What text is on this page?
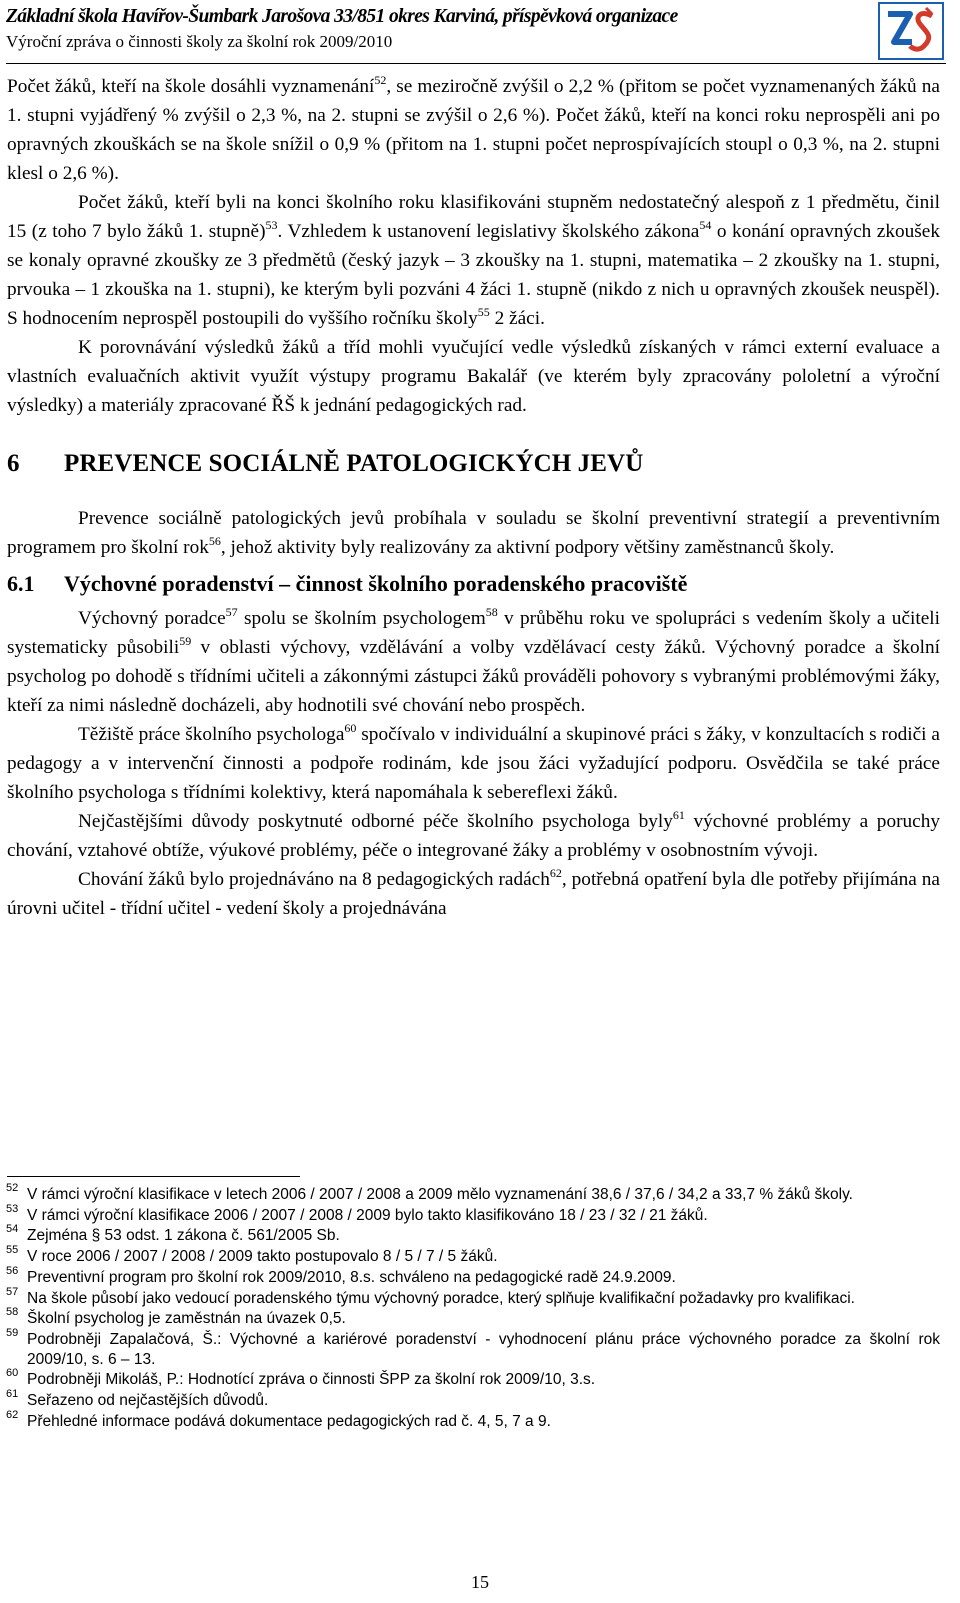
Základní škola Havířov-Šumbark Jarošova 33/851 okres Karviná, příspěvková organizace
Výroční zpráva o činnosti školy za školní rok 2009/2010

Počet žáků, kteří na škole dosáhli vyznamenání$^{52}$, se meziročně zvýšil o 2,2 % (přitom se počet vyznamenaných žáků na 1. stupni vyjádřený % zvýšil o 2,3 %, na 2. stupni se zvýšil o 2,6 %). Počet žáků, kteří na konci roku neprospěli ani po opravných zkouškách se na škole snížil o 0,9 % (přitom na 1. stupni počet neprospívajících stoupl o 0,3 %, na 2. stupni klesl o 2,6 %).

Počet žáků, kteří byli na konci školního roku klasifikováni stupněm nedostatečný alespoň z 1 předmětu, činil 15 (z toho 7 bylo žáků 1. stupně)$^{53}$. Vzhledem k ustanovení legislativy školského zákona$^{54}$ o konání opravných zkoušek se konaly opravné zkoušky ze 3 předmětů (český jazyk – 3 zkoušky na 1. stupni, matematika – 2 zkoušky na 1. stupni, prvouka – 1 zkouška na 1. stupni), ke kterým byli pozváni 4 žáci 1. stupně (nikdo z nich u opravných zkoušek neuspěl). S hodnocením neprospěl postoupili do vyššího ročníku školy$^{55}$ 2 žáci.

K porovnávání výsledků žáků a tříd mohli vyučující vedle výsledků získaných v rámci externí evaluace a vlastních evaluačních aktivit využít výstupy programu Bakalář (ve kterém byly zpracovány pololetní a výroční výsledky) a materiály zpracované ŘŠ k jednání pedagogických rad.

6 PREVENCE SOCIÁLNĚ PATOLOGICKÝCH JEVŮ

Prevence sociálně patologických jevů probíhala v souladu se školní preventivní strategií a preventivním programem pro školní rok$^{56}$, jehož aktivity byly realizovány za aktivní podpory většiny zaměstnanců školy.

6.1 Výchovné poradenství – činnost školního poradenského pracoviště

Výchovný poradce$^{57}$ spolu se školním psychologem$^{58}$ v průběhu roku ve spolupráci s vedením školy a učiteli systematicky působili$^{59}$ v oblasti výchovy, vzdělávání a volby vzdělávací cesty žáků. Výchovný poradce a školní psycholog po dohodě s třídními učiteli a zákonnými zástupci žáků prováděli pohovory s vybranými problémovými žáky, kteří za nimi následně docházeli, aby hodnotili své chování nebo prospěch.

Těžiště práce školního psychologa$^{60}$ spočívalo v individuální a skupinové práci s žáky, v konzultacích s rodiči a pedagogy a v intervenční činnosti a podpoře rodinám, kde jsou žáci vyžadující podporu. Osvědčila se také práce školního psychologa s třídními kolektivy, která napomáhala k sebereflexi žáků.

Nejčastějšími důvody poskytnuté odborné péče školního psychologa byly$^{61}$ výchovné problémy a poruchy chování, vztahové obtíže, výukové problémy, péče o integrované žáky a problémy v osobnostním vývoji.

Chování žáků bylo projednáváno na 8 pedagogických radách$^{62}$, potřebná opatření byla dle potřeby přijímána na úrovni učitel - třídní učitel - vedení školy a projednávána

52 V rámci výroční klasifikace v letech 2006 / 2007 / 2008 a 2009 mělo vyznamenání 38,6 / 37,6 / 34,2 a 33,7 % žáků školy.
53 V rámci výroční klasifikace 2006 / 2007 / 2008 / 2009 bylo takto klasifikováno 18 / 23 / 32 / 21 žáků.
54 Zejména § 53 odst. 1 zákona č. 561/2005 Sb.
55 V roce 2006 / 2007 / 2008 / 2009 takto postupovalo 8 / 5 / 7 / 5 žáků.
56 Preventivní program pro školní rok 2009/2010, 8.s. schváleno na pedagogické radě 24.9.2009.
57 Na škole působí jako vedoucí poradenského týmu výchovný poradce, který splňuje kvalifikační požadavky pro kvalifikaci.
58 Školní psycholog je zaměstnán na úvazek 0,5.
59 Podrobněji Zapalačová, Š.: Výchovné a kariérové poradenství - vyhodnocení plánu práce výchovného poradce za školní rok 2009/10, s. 6 – 13.
60 Podrobněji Mikoláš, P.: Hodnotící zpráva o činnosti ŠPP za školní rok 2009/10, 3.s.
61 Seřazeno od nejčastějších důvodů.
62 Přehledné informace podává dokumentace pedagogických rad č. 4, 5, 7 a 9.
15
